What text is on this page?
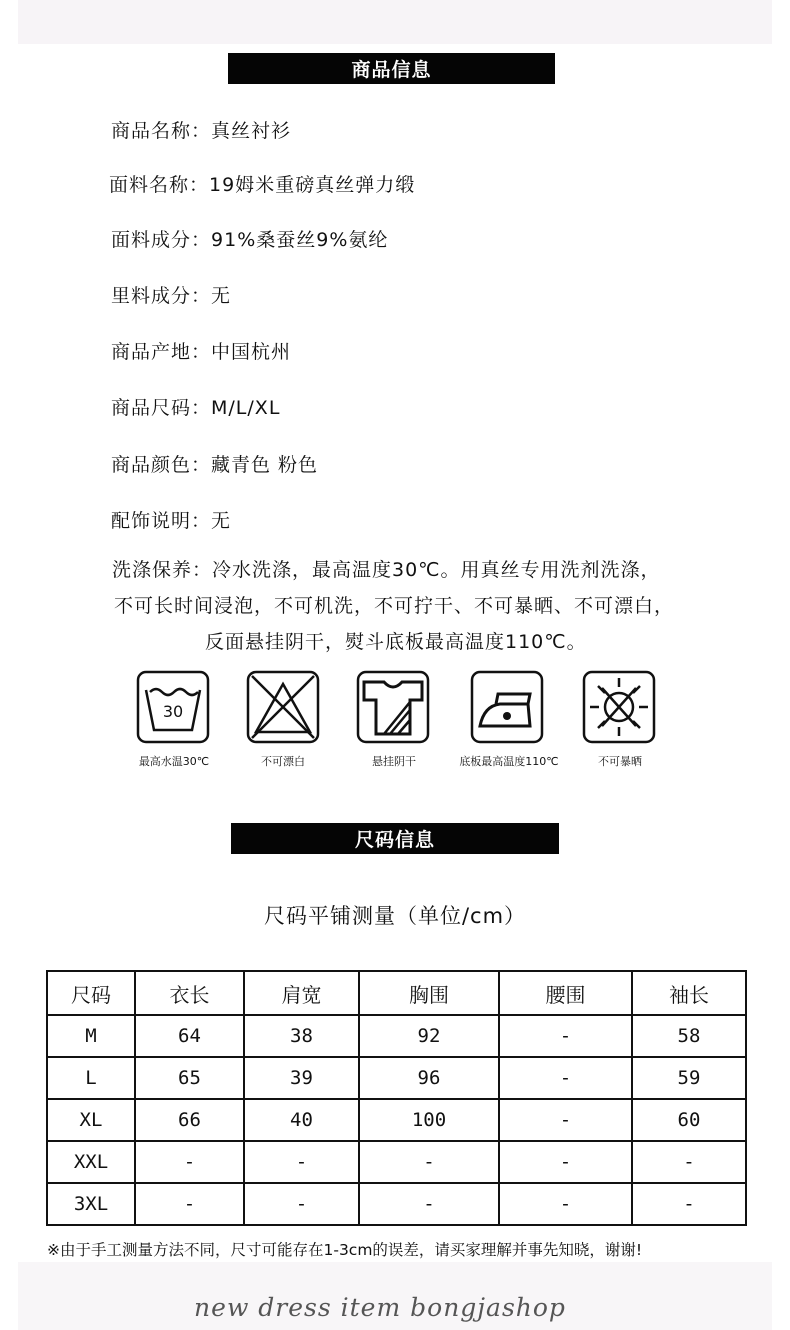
商品信息
商品名称：真丝衬衫
面料名称：19姆米重磅真丝弹力缎
面料成分：91%桑蚕丝9%氨纶
里料成分：无
商品产地：中国杭州
商品尺码：M/L/XL
商品颜色：藏青色 粉色
配饰说明：无
洗涤保养：冷水洗涤，最高温度30℃。用真丝专用洗剂洗涤，
不可长时间浸泡，不可机洗，不可拧干、不可暴晒、不可漂白，
反面悬挂阴干，熨斗底板最高温度110℃。
30
最高水温30℃	不可漂白	悬挂阴干	底板最高温度110℃	不可暴晒
尺码信息
尺码平铺测量（单位/cm）
尺码	衣长	肩宽	胸围	腰围	袖长
M	64	38	92	-	58
L	65	39	96	-	59
XL	66	40	100	-	60
XXL	-	-	-	-	-
3XL	-	-	-	-	-
※由于手工测量方法不同，尺寸可能存在1-3cm的误差，请买家理解并事先知晓，谢谢!
new dress item bongjashop
